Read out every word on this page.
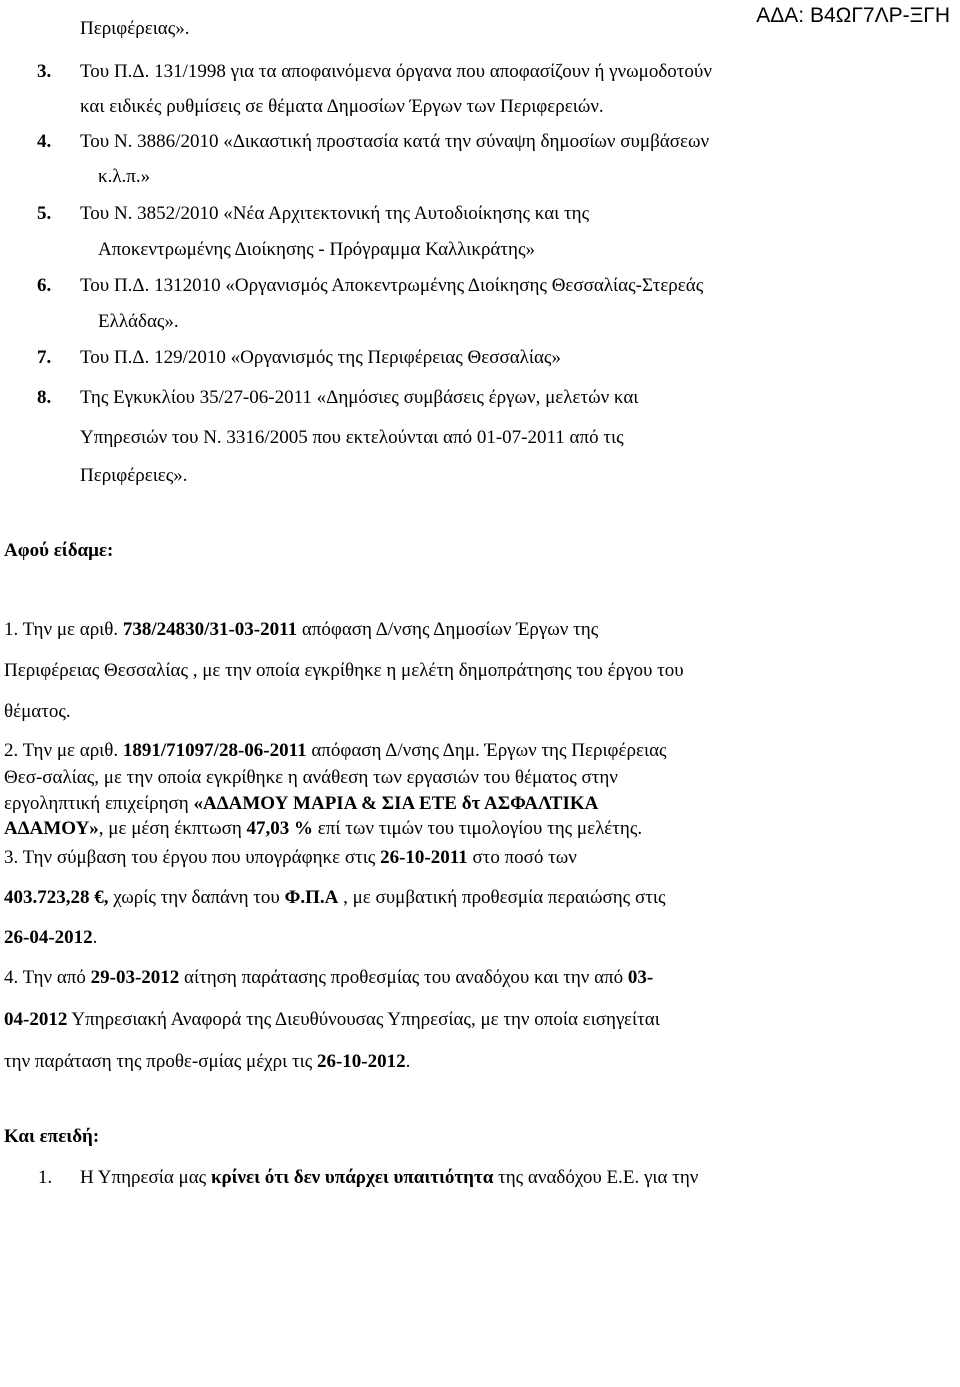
ΑΔΑ: Β4ΩΓ7ΛΡ-ΞΓΗ
Περιφέρειας».
3. Του Π.Δ. 131/1998 για τα αποφαινόμενα όργανα που αποφασίζουν ή γνωμοδοτούν
και ειδικές ρυθμίσεις σε θέματα Δημοσίων Έργων των Περιφερειών.
4. Του Ν. 3886/2010 «Δικαστική προστασία κατά την σύναψη δημοσίων συμβάσεων
κ.λ.π.»
5. Του Ν. 3852/2010 «Νέα Αρχιτεκτονική της Αυτοδιοίκησης και της
Αποκεντρωμένης Διοίκησης - Πρόγραμμα Καλλικράτης»
6. Του Π.Δ. 1312010 «Οργανισμός Αποκεντρωμένης Διοίκησης Θεσσαλίας-Στερεάς
Ελλάδας».
7. Του Π.Δ. 129/2010 «Οργανισμός της Περιφέρειας Θεσσαλίας»
8. Της Εγκυκλίου 35/27-06-2011 «Δημόσιες συμβάσεις έργων, μελετών και
Υπηρεσιών του Ν. 3316/2005 που εκτελούνται από 01-07-2011 από τις
Περιφέρειες».
Αφού είδαμε:
1. Την με αριθ. 738/24830/31-03-2011 απόφαση Δ/νσης Δημοσίων Έργων της
Περιφέρειας Θεσσαλίας , με την οποία εγκρίθηκε η μελέτη δημοπράτησης του έργου του
θέματος.
2. Την με αριθ. 1891/71097/28-06-2011 απόφαση Δ/νσης Δημ. Έργων της Περιφέρειας
Θεσ-σαλίας, με την οποία εγκρίθηκε η ανάθεση των εργασιών του θέματος στην
εργοληπτική επιχείρηση «ΑΔΑΜΟΥ ΜΑΡΙΑ & ΣΙΑ ΕΤΕ δτ ΑΣΦΑΛΤΙΚΑ
ΑΔΑΜΟΥ», με μέση έκπτωση 47,03 % επί των τιμών του τιμολογίου της μελέτης.
3. Την σύμβαση του έργου που υπογράφηκε στις 26-10-2011 στο ποσό των
403.723,28 €, χωρίς την δαπάνη του Φ.Π.Α , με συμβατική προθεσμία περαιώσης στις
26-04-2012.
4. Την από 29-03-2012 αίτηση παράτασης προθεσμίας του αναδόχου και την από 03-
04-2012 Υπηρεσιακή Αναφορά της Διευθύνουσας Υπηρεσίας, με την οποία εισηγείται
την παράταση της προθε-σμίας μέχρι τις 26-10-2012.
Και επειδή:
1. Η Υπηρεσία μας κρίνει ότι δεν υπάρχει υπαιτιότητα της αναδόχου Ε.Ε. για την
